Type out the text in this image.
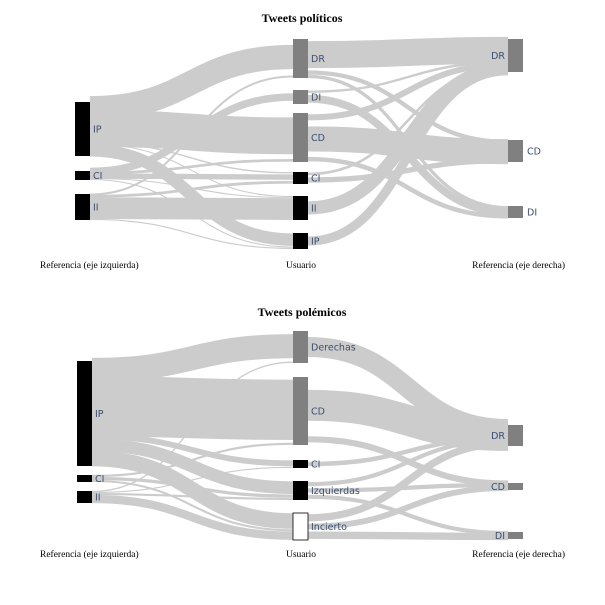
Tweets políticos
IP
CI
II
DR
DI
CD
CI
II
IP
DR
CD
DI
Referencia (eje izquierda)	Usuario	Referencia (eje derecha)
Tweets polémicos
IP
CI
II
Derechas
CD
CI
Izquierdas
Incierto
DR
CD
DI
Referencia (eje izquierda)	Usuario	Referencia (eje derecha)
